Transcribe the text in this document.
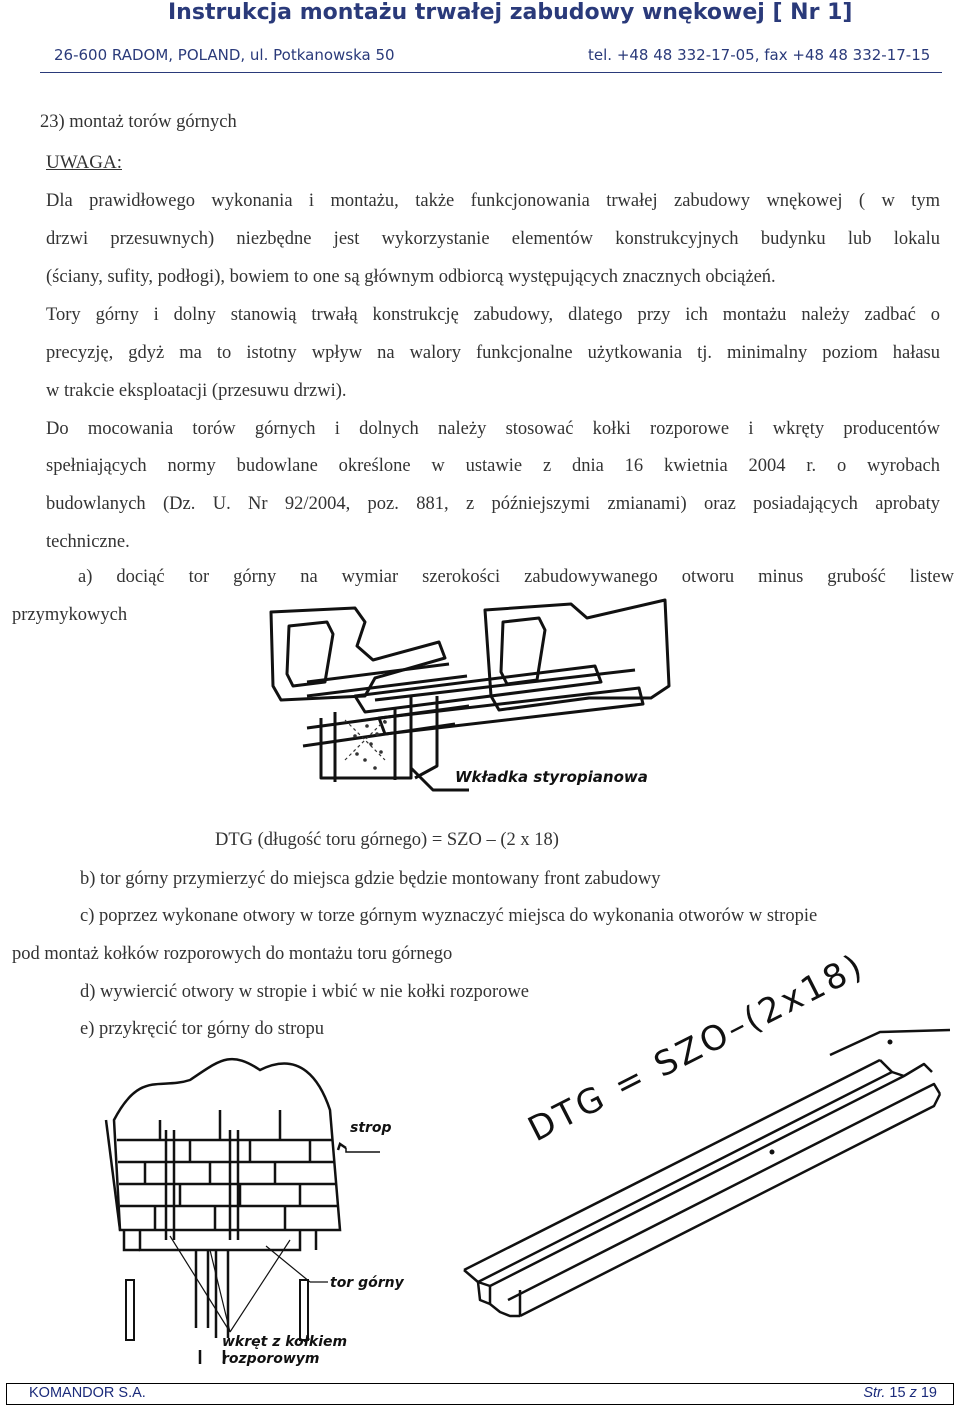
Instrukcja montażu trwałej zabudowy wnękowej [ Nr 1]
26-600 RADOM, POLAND, ul. Potkanowska 50	tel. +48 48 332-17-05, fax +48 48 332-17-15
23) montaż torów górnych
UWAGA:
Dla prawidłowego wykonania i montażu, także funkcjonowania trwałej zabudowy wnękowej ( w tym
drzwi przesuwnych) niezbędne jest wykorzystanie elementów konstrukcyjnych budynku lub lokalu
(ściany, sufity, podłogi), bowiem to one są głównym odbiorcą występujących znacznych obciążeń.
Tory górny i dolny stanowią trwałą konstrukcję zabudowy, dlatego przy ich montażu należy zadbać o
precyzję, gdyż ma to istotny wpływ na walory funkcjonalne użytkowania tj. minimalny poziom hałasu
w trakcie eksploatacji (przesuwu drzwi).
Do mocowania torów górnych i dolnych należy stosować kołki rozporowe i wkręty producentów
spełniających normy budowlane określone w ustawie z dnia 16 kwietnia 2004 r. o wyrobach
budowlanych (Dz. U. Nr 92/2004, poz. 881, z późniejszymi zmianami) oraz posiadających aprobaty
techniczne.
a) dociąć tor górny na wymiar szerokości zabudowywanego otworu minus grubość listew
przymykowych
Wkładka styropianowa
DTG (długość toru górnego) = SZO – (2 x 18)
b) tor górny przymierzyć do miejsca gdzie będzie montowany front zabudowy
c) poprzez wykonane otwory w torze górnym wyznaczyć miejsca do wykonania otworów w stropie
pod montaż kołków rozporowych do montażu toru górnego
d) wywiercić otwory w stropie i wbić w nie kołki rozporowe
e) przykręcić tor górny do stropu
strop
tor górny
wkręt z kołkiem
rozporowym
DTG = SZO–(2x18)
KOMANDOR S.A.	Str. 15 z 19
